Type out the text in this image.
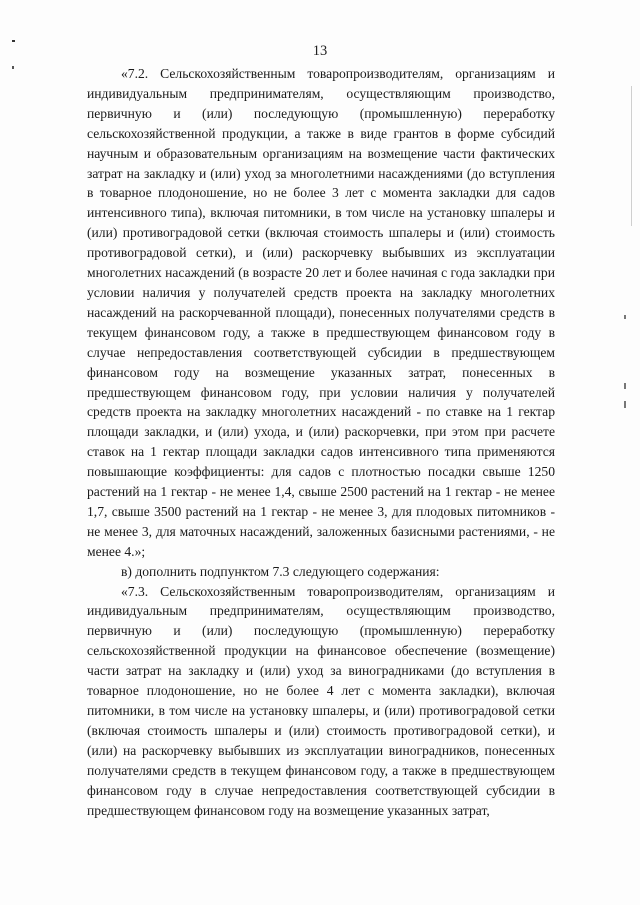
13

«7.2. Сельскохозяйственным товаропроизводителям, организациям и индивидуальным предпринимателям, осуществляющим производство, первичную и (или) последующую (промышленную) переработку сельскохозяйственной продукции, а также в виде грантов в форме субсидий научным и образовательным организациям на возмещение части фактических затрат на закладку и (или) уход за многолетними насаждениями (до вступления в товарное плодоношение, но не более 3 лет с момента закладки для садов интенсивного типа), включая питомники, в том числе на установку шпалеры и (или) противоградовой сетки (включая стоимость шпалеры и (или) стоимость противоградовой сетки), и (или) раскорчевку выбывших из эксплуатации многолетних насаждений (в возрасте 20 лет и более начиная с года закладки при условии наличия у получателей средств проекта на закладку многолетних насаждений на раскорчеванной площади), понесенных получателями средств в текущем финансовом году, а также в предшествующем финансовом году в случае непредоставления соответствующей субсидии в предшествующем финансовом году на возмещение указанных затрат, понесенных в предшествующем финансовом году, при условии наличия у получателей средств проекта на закладку многолетних насаждений - по ставке на 1 гектар площади закладки, и (или) ухода, и (или) раскорчевки, при этом при расчете ставок на 1 гектар площади закладки садов интенсивного типа применяются повышающие коэффициенты: для садов с плотностью посадки свыше 1250 растений на 1 гектар - не менее 1,4, свыше 2500 растений на 1 гектар - не менее 1,7, свыше 3500 растений на 1 гектар - не менее 3, для плодовых питомников - не менее 3, для маточных насаждений, заложенных базисными растениями, - не менее 4.»;

в) дополнить подпунктом 7.3 следующего содержания:

«7.3. Сельскохозяйственным товаропроизводителям, организациям и индивидуальным предпринимателям, осуществляющим производство, первичную и (или) последующую (промышленную) переработку сельскохозяйственной продукции на финансовое обеспечение (возмещение) части затрат на закладку и (или) уход за виноградниками (до вступления в товарное плодоношение, но не более 4 лет с момента закладки), включая питомники, в том числе на установку шпалеры, и (или) противоградовой сетки (включая стоимость шпалеры и (или) стоимость противоградовой сетки), и (или) на раскорчевку выбывших из эксплуатации виноградников, понесенных получателями средств в текущем финансовом году, а также в предшествующем финансовом году в случае непредоставления соответствующей субсидии в предшествующем финансовом году на возмещение указанных затрат,
